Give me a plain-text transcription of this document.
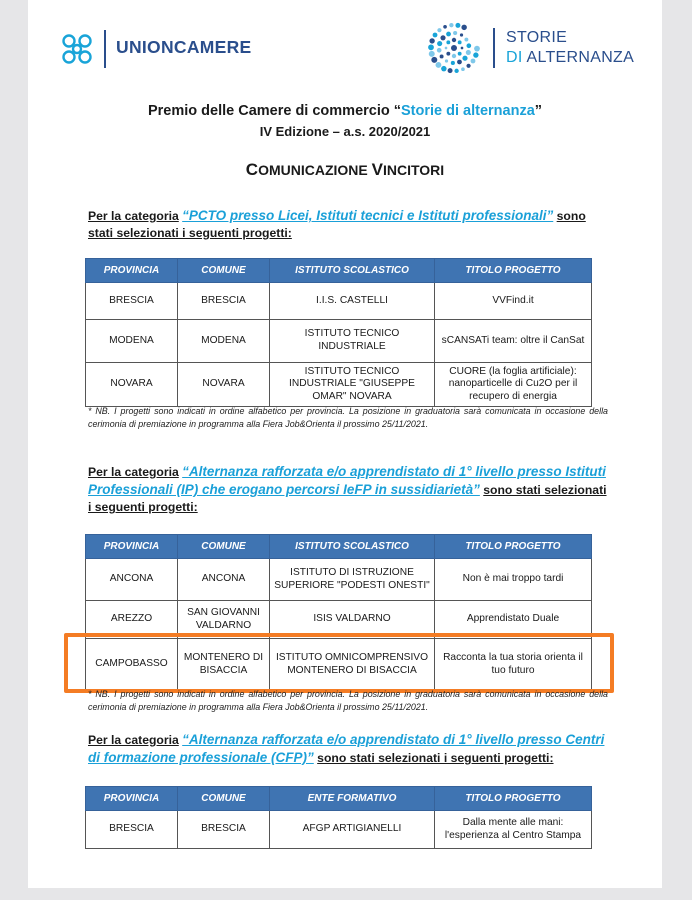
UNIONCAMERE	STORIE
DI ALTERNANZA
Premio delle Camere di commercio “Storie di alternanza”
IV Edizione – a.s. 2020/2021
COMUNICAZIONE VINCITORI
Per la categoria “PCTO presso Licei, Istituti tecnici e Istituti professionali” sono stati selezionati i seguenti progetti:
PROVINCIA	COMUNE	ISTITUTO SCOLASTICO	TITOLO PROGETTO
BRESCIA	BRESCIA	I.I.S. CASTELLI	VVFind.it
MODENA	MODENA	ISTITUTO TECNICO INDUSTRIALE	sCANSATi team: oltre il CanSat
NOVARA	NOVARA	ISTITUTO TECNICO INDUSTRIALE "GIUSEPPE OMAR" NOVARA	CUORE (la foglia artificiale): nanoparticelle di Cu2O per il recupero di energia
* NB. I progetti sono indicati in ordine alfabetico per provincia. La posizione in graduatoria sarà comunicata in occasione della cerimonia di premiazione in programma alla Fiera Job&Orienta il prossimo 25/11/2021.
Per la categoria “Alternanza rafforzata e/o apprendistato di 1° livello presso Istituti Professionali (IP) che erogano percorsi IeFP in sussidiarietà” sono stati selezionati i seguenti progetti:
PROVINCIA	COMUNE	ISTITUTO SCOLASTICO	TITOLO PROGETTO
ANCONA	ANCONA	ISTITUTO DI ISTRUZIONE SUPERIORE "PODESTI ONESTI"	Non è mai troppo tardi
AREZZO	SAN GIOVANNI VALDARNO	ISIS VALDARNO	Apprendistato Duale
CAMPOBASSO	MONTENERO DI BISACCIA	ISTITUTO OMNICOMPRENSIVO MONTENERO DI BISACCIA	Racconta la tua storia orienta il tuo futuro
* NB. I progetti sono indicati in ordine alfabetico per provincia. La posizione in graduatoria sarà comunicata in occasione della cerimonia di premiazione in programma alla Fiera Job&Orienta il prossimo 25/11/2021.
Per la categoria “Alternanza rafforzata e/o apprendistato di 1° livello presso Centri di formazione professionale (CFP)” sono stati selezionati i seguenti progetti:
PROVINCIA	COMUNE	ENTE FORMATIVO	TITOLO PROGETTO
BRESCIA	BRESCIA	AFGP ARTIGIANELLI	Dalla mente alle mani: l'esperienza al Centro Stampa
